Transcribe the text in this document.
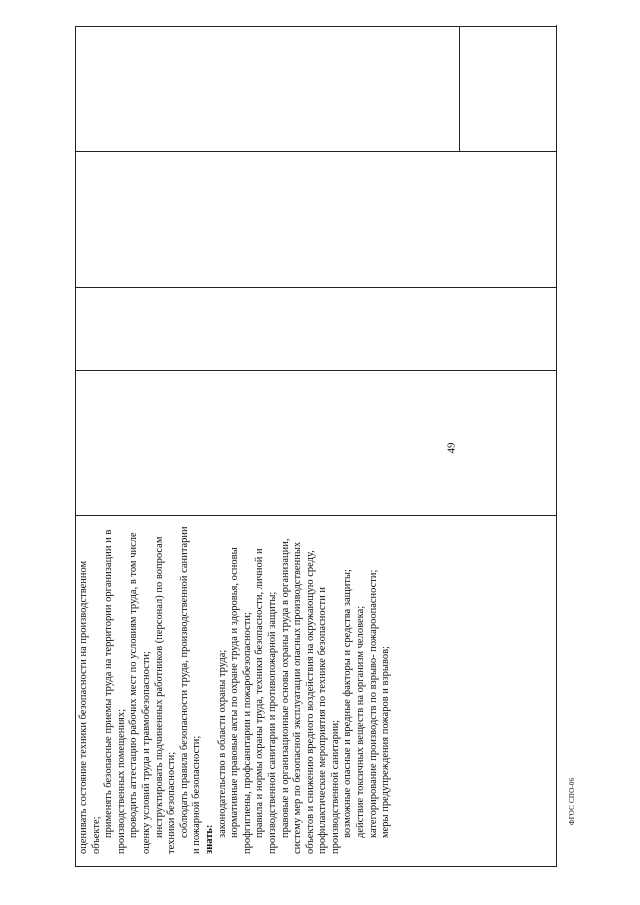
49

оценивать состояние техники безопасности на производственном объекте; применять безопасные приемы труда на территории организации и в производственных помещениях; проводить аттестацию рабочих мест по условиям труда, в том числе оценку условий труда и травмобезопасности; инструктировать подчиненных работников (персонал) по вопросам техники безопасности; соблюдать правила безопасности труда, производственной санитарии и пожарной безопасности; знать:

законодательство в области охраны труда; нормативные правовые акты по охране труда и здоровья, основы профгигиены, профсанитарии и пожаробезопасности; правила и нормы охраны труда, техники безопасности, личной и производственной санитарии и противопожарной защиты; правовые и организационные основы охраны труда в организации, систему мер по безопасной эксплуатации опасных производственных объектов и снижению вредного воздействия на окружающую среду, профилактические мероприятия по технике безопасности и производственной санитарии; возможные опасные и вредные факторы и средства защиты; действие токсичных веществ на организм человека; категорирование производств по взрыво- пожароопасности; меры предупреждения пожаров и взрывов;

						ФГОС СПО-06
